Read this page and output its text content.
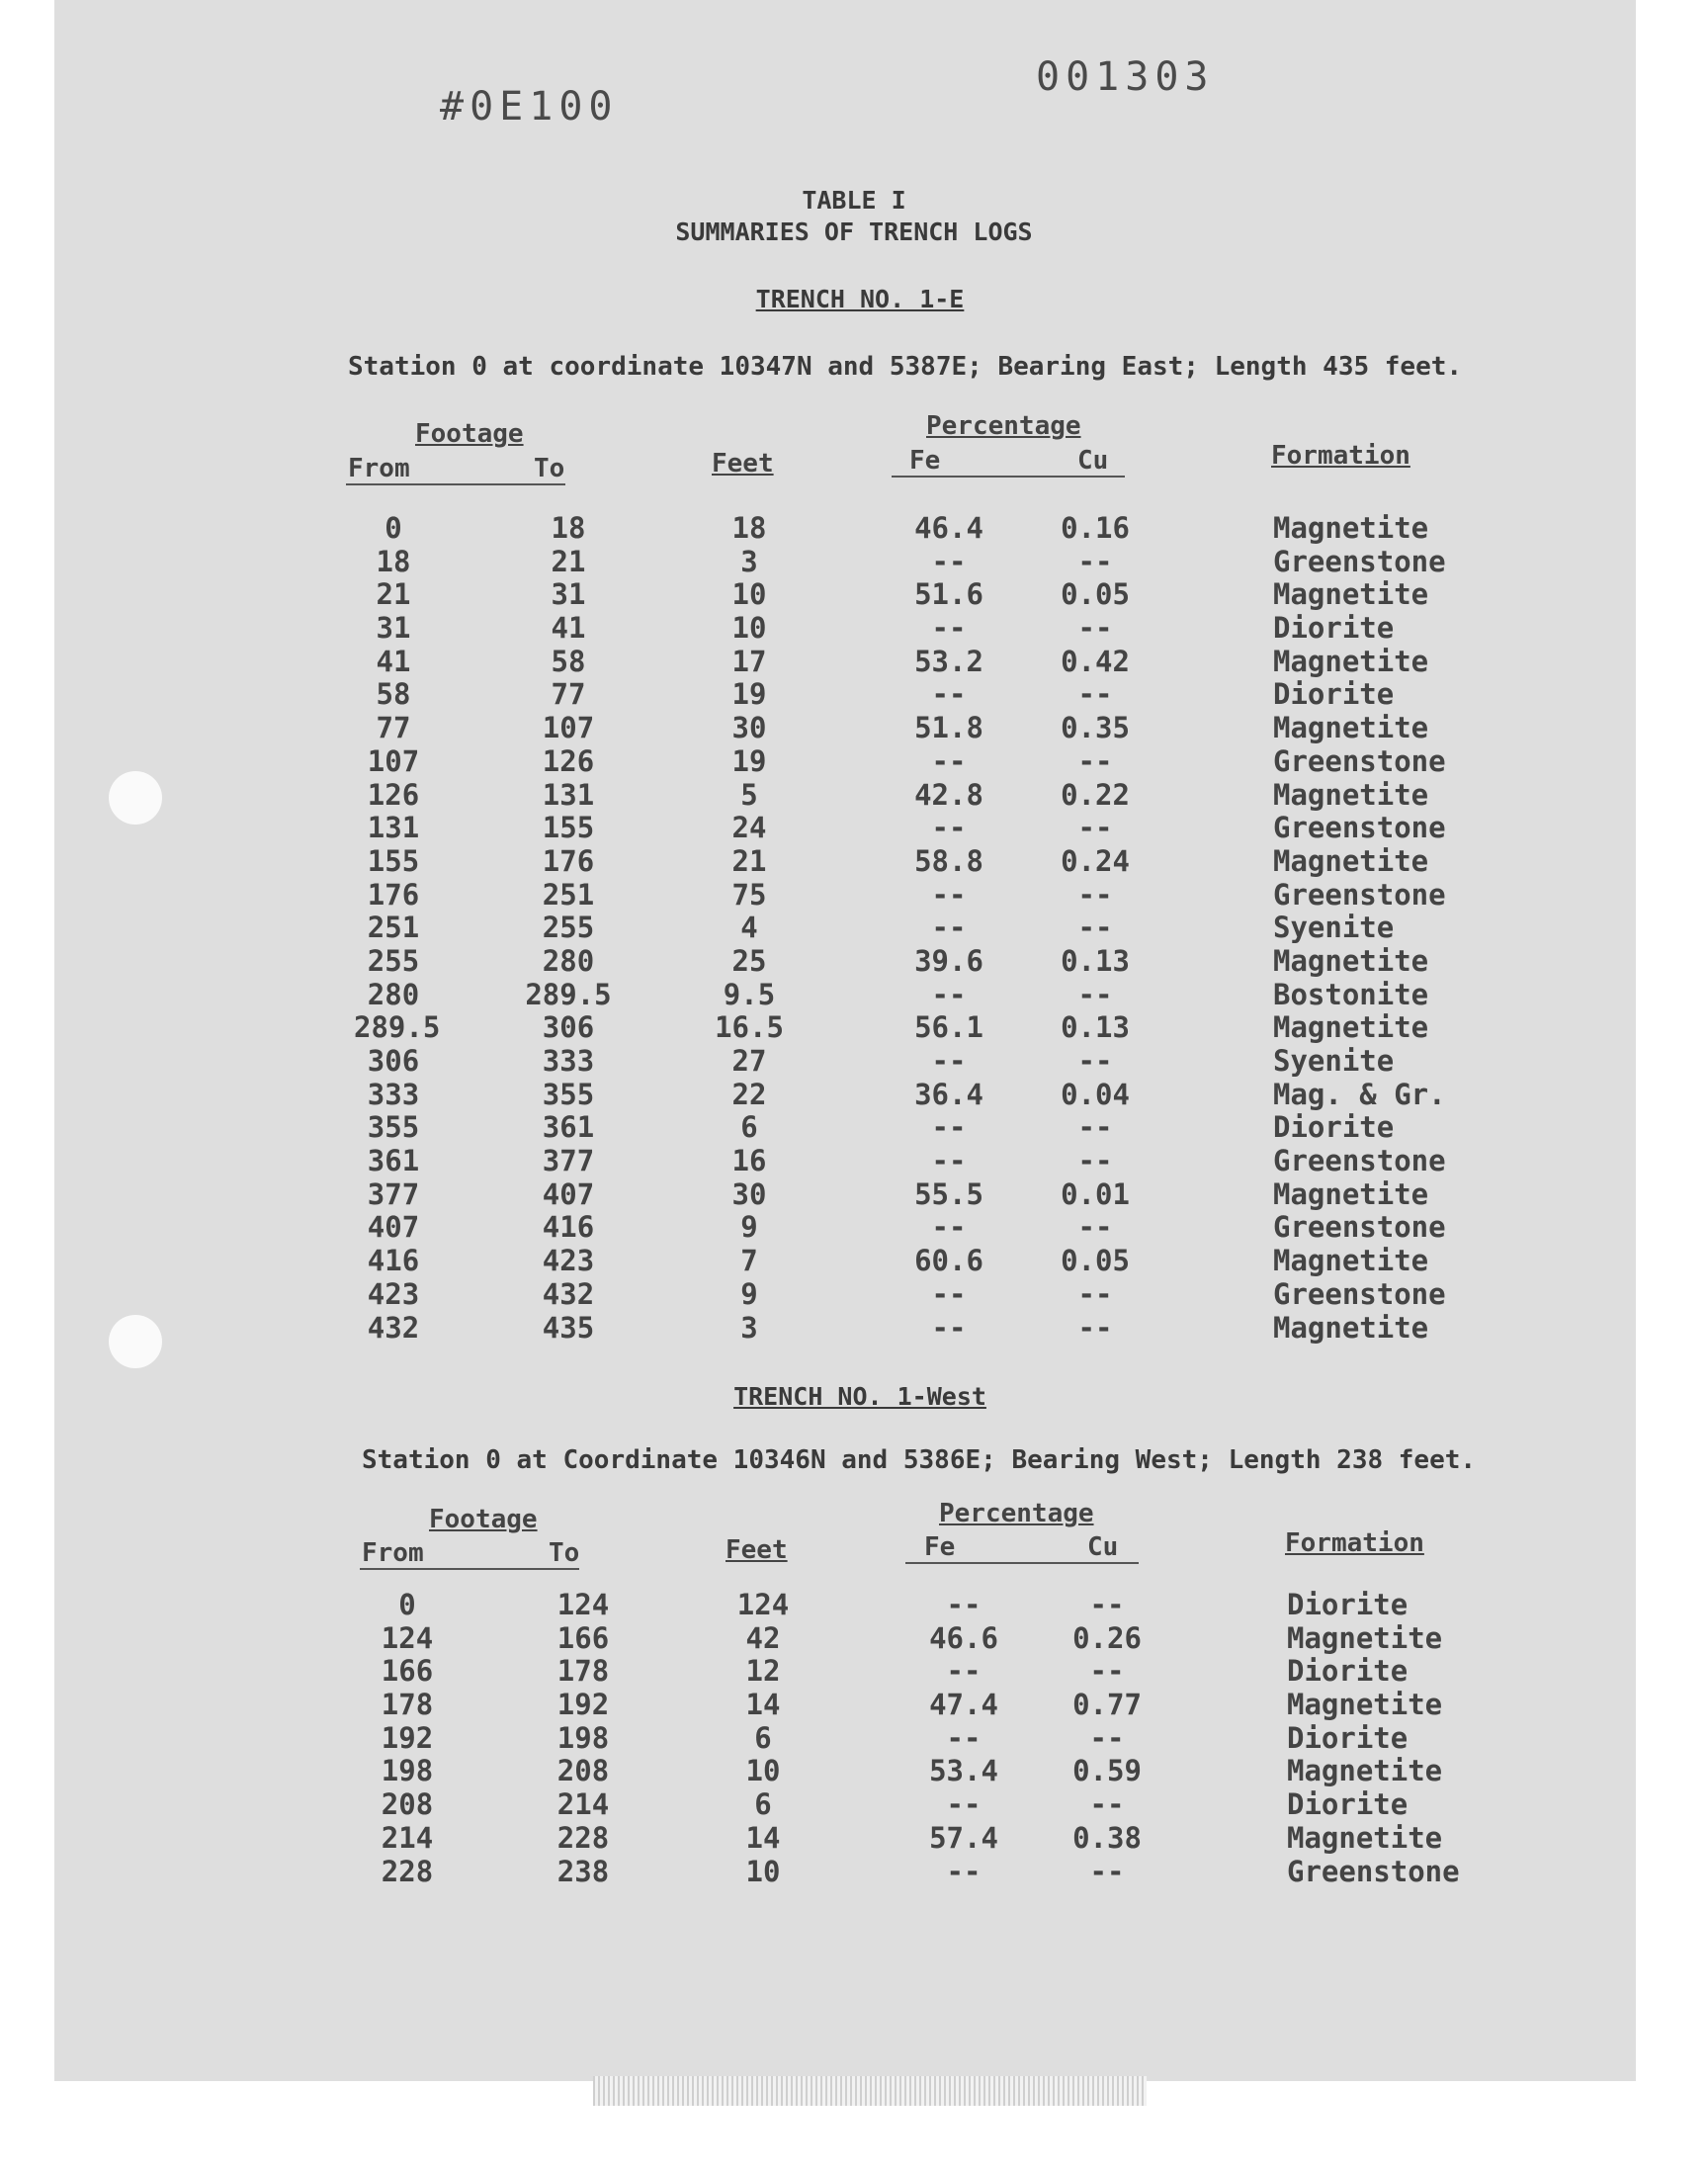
#0E100
001303
TABLE I
SUMMARIES OF TRENCH LOGS
TRENCH NO. 1-E
Station 0 at coordinate 10347N and 5387E; Bearing East; Length 435 feet.
Footage
From	To	Feet
Percentage
Fe	Cu	Formation
0	18	18	46.4	0.16	Magnetite
18	21	3	--	--	Greenstone
21	31	10	51.6	0.05	Magnetite
31	41	10	--	--	Diorite
41	58	17	53.2	0.42	Magnetite
58	77	19	--	--	Diorite
77	107	30	51.8	0.35	Magnetite
107	126	19	--	--	Greenstone
126	131	5	42.8	0.22	Magnetite
131	155	24	--	--	Greenstone
155	176	21	58.8	0.24	Magnetite
176	251	75	--	--	Greenstone
251	255	4	--	--	Syenite
255	280	25	39.6	0.13	Magnetite
280	289.5	9.5	--	--	Bostonite
289.5	306	16.5	56.1	0.13	Magnetite
306	333	27	--	--	Syenite
333	355	22	36.4	0.04	Mag. & Gr.
355	361	6	--	--	Diorite
361	377	16	--	--	Greenstone
377	407	30	55.5	0.01	Magnetite
407	416	9	--	--	Greenstone
416	423	7	60.6	0.05	Magnetite
423	432	9	--	--	Greenstone
432	435	3	--	--	Magnetite
TRENCH NO. 1-West
Station 0 at Coordinate 10346N and 5386E; Bearing West; Length 238 feet.
Footage
From	To	Feet
Percentage
Fe	Cu	Formation
0	124	124	--	--	Diorite
124	166	42	46.6	0.26	Magnetite
166	178	12	--	--	Diorite
178	192	14	47.4	0.77	Magnetite
192	198	6	--	--	Diorite
198	208	10	53.4	0.59	Magnetite
208	214	6	--	--	Diorite
214	228	14	57.4	0.38	Magnetite
228	238	10	--	--	Greenstone
